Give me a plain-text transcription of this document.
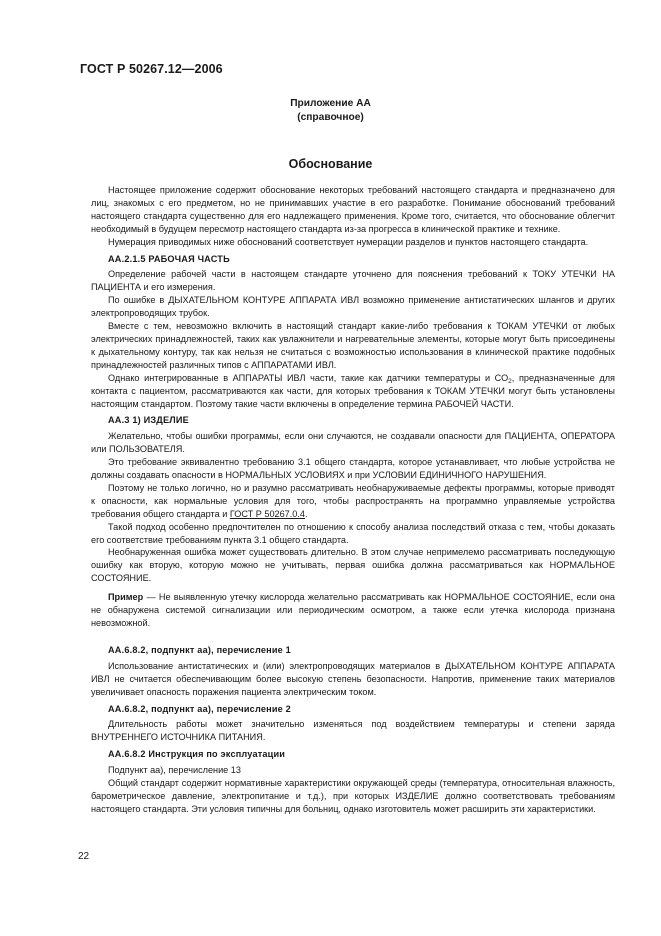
ГОСТ Р 50267.12—2006
Приложение АА
(справочное)
Обоснование

Настоящее приложение содержит обоснование некоторых требований настоящего стандарта и предназначено для лиц, знакомых с его предметом, но не принимавших участие в его разработке. Понимание обоснований требований настоящего стандарта существенно для его надлежащего применения. Кроме того, считается, что обоснование облегчит необходимый в будущем пересмотр настоящего стандарта из-за прогресса в клинической практике и технике.

Нумерация приводимых ниже обоснований соответствует нумерации разделов и пунктов настоящего стандарта.

АА.2.1.5 РАБОЧАЯ ЧАСТЬ

Определение рабочей части в настоящем стандарте уточнено для пояснения требований к ТОКУ УТЕЧКИ НА ПАЦИЕНТА и его измерения.

По ошибке в ДЫХАТЕЛЬНОМ КОНТУРЕ АППАРАТА ИВЛ возможно применение антистатических шлангов и других электропроводящих трубок.

Вместе с тем, невозможно включить в настоящий стандарт какие-либо требования к ТОКАМ УТЕЧКИ от любых электрических принадлежностей, таких как увлажнители и нагревательные элементы, которые могут быть присоединены к дыхательному контуру, так как нельзя не считаться с возможностью использования в клинической практике подобных принадлежностей различных типов с АППАРАТАМИ ИВЛ.

Однако интегрированные в АППАРАТЫ ИВЛ части, такие как датчики температуры и $СО_2$, предназначенные для контакта с пациентом, рассматриваются как части, для которых требования к ТОКАМ УТЕЧКИ могут быть установлены настоящим стандартом. Поэтому такие части включены в определение термина РАБОЧЕЙ ЧАСТИ.

АА.3 1) ИЗДЕЛИЕ

Желательно, чтобы ошибки программы, если они случаются, не создавали опасности для ПАЦИЕНТА, ОПЕРАТОРА или ПОЛЬЗОВАТЕЛЯ.

Это требование эквивалентно требованию 3.1 общего стандарта, которое устанавливает, что любые устройства не должны создавать опасности в НОРМАЛЬНЫХ УСЛОВИЯХ и при УСЛОВИИ ЕДИНИЧНОГО НАРУШЕНИЯ.

Поэтому не только логично, но и разумно рассматривать необнаруживаемые дефекты программы, которые приводят к опасности, как нормальные условия для того, чтобы распространять на программно управляемые устройства требования общего стандарта и ГОСТ Р 50267.0.4.

Такой подход особенно предпочтителен по отношению к способу анализа последствий отказа с тем, чтобы доказать его соответствие требованиям пункта 3.1 общего стандарта.

Необнаруженная ошибка может существовать длительно. В этом случае непримелемо рассматривать последующую ошибку как вторую, которую можно не учитывать, первая ошибка должна рассматриваться как НОРМАЛЬНОЕ СОСТОЯНИЕ.

Пример — Не выявленную утечку кислорода желательно рассматривать как НОРМАЛЬНОЕ СОСТОЯНИЕ, если она не обнаружена системой сигнализации или периодическим осмотром, а также если утечка кислорода признана невозможной.

АА.6.8.2, подпункт аа), перечисление 1

Использование антистатических и (или) электропроводящих материалов в ДЫХАТЕЛЬНОМ КОНТУРЕ АППАРАТА ИВЛ не считается обеспечивающим более высокую степень безопасности. Напротив, применение таких материалов увеличивает опасность поражения пациента электрическим током.

АА.6.8.2, подпункт аа), перечисление 2

Длительность работы может значительно изменяться под воздействием температуры и степени заряда ВНУТРЕННЕГО ИСТОЧНИКА ПИТАНИЯ.

АА.6.8.2 Инструкция по эксплуатации

Подпункт аа), перечисление 13

Общий стандарт содержит нормативные характеристики окружающей среды (температура, относительная влажность, барометрическое давление, электропитание и т.д.), при которых ИЗДЕЛИЕ должно соответствовать требованиям настоящего стандарта. Эти условия типичны для больниц, однако изготовитель может расширить эти характеристики.

22
